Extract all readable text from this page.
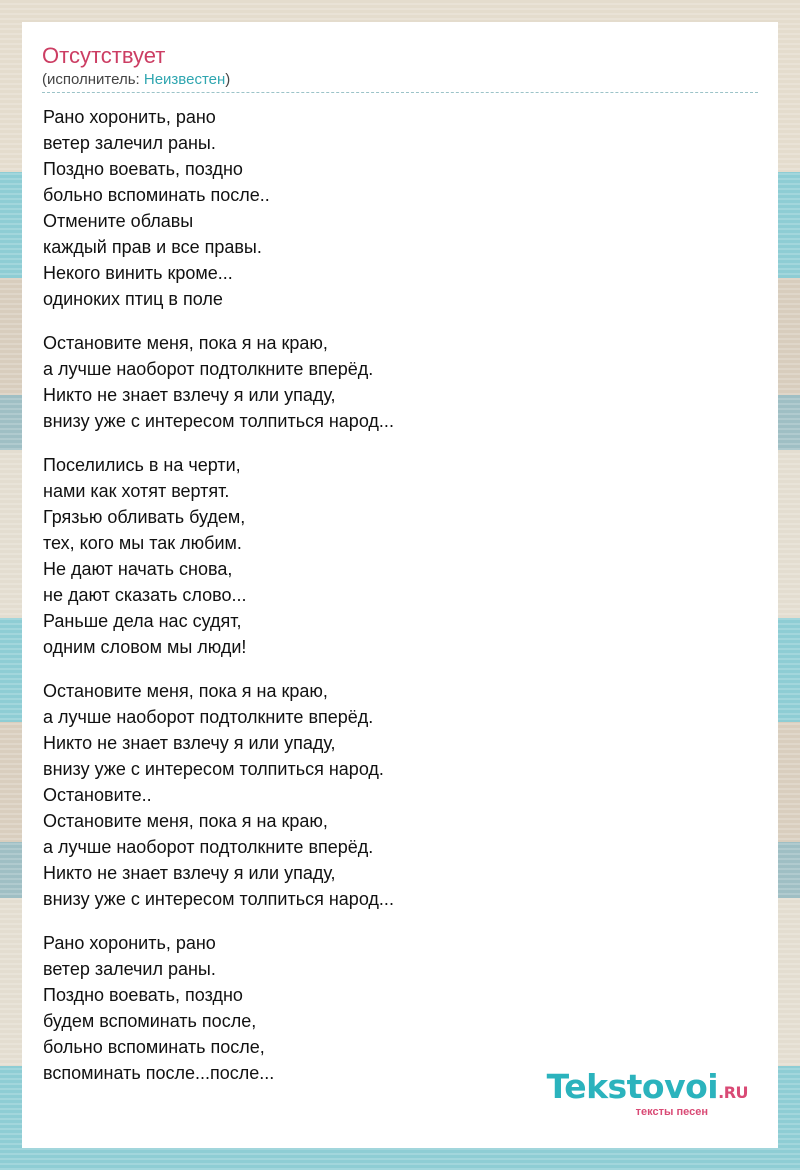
Отсутствует
(исполнитель: Неизвестен)
Рано хоронить, рано
ветер залечил раны.
Поздно воевать, поздно
больно вспоминать после..
Отмените облавы
каждый прав и все правы.
Некого винить кроме...
одиноких птиц в поле
Остановите меня, пока я на краю,
а лучше наоборот подтолкните вперёд.
Никто не знает взлечу я или упаду,
внизу уже с интересом толпиться народ...
Поселились в на черти,
нами как хотят вертят.
Грязью обливать будем,
тех, кого мы так любим.
Не дают начать снова,
не дают сказать слово...
Раньше дела нас судят,
одним словом мы люди!
Остановите меня, пока я на краю,
а лучше наоборот подтолкните вперёд.
Никто не знает взлечу я или упаду,
внизу уже с интересом толпиться народ.
Остановите..
Остановите меня, пока я на краю,
а лучше наоборот подтолкните вперёд.
Никто не знает взлечу я или упаду,
внизу уже с интересом толпиться народ...
Рано хоронить, рано
ветер залечил раны.
Поздно воевать, поздно
будем вспоминать после,
больно вспоминать после,
вспоминать после...после...	Tekstovoi.RU
тексты песен
